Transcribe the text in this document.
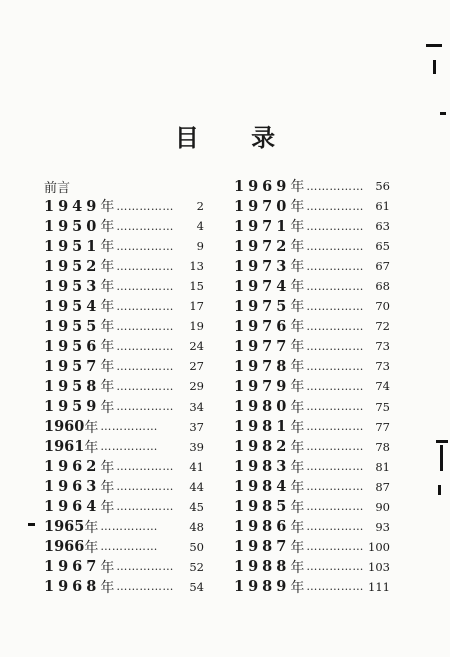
目 录
前言
1949 年 ……………	2
1950 年 ……………	4
1951 年 ……………	9
1952 年 ……………	13
1953 年 ……………	15
1954 年 ……………	17
1955 年 ……………	19
1956 年 ……………	24
1957 年 ……………	27
1958 年 ……………	29
1959 年 ……………	34
1960 年 ……………	37
1961 年 ……………	39
1962 年 ……………	41
1963 年 ……………	44
1964 年 ……………	45
1965 年 ……………	48
1966 年 ……………	50
1967 年 ……………	52
1968 年 ……………	54
1969 年 ……………	56
1970 年 ……………	61
1971 年 ……………	63
1972 年 ……………	65
1973 年 ……………	67
1974 年 ……………	68
1975 年 ……………	70
1976 年 ……………	72
1977 年 ……………	73
1978 年 ……………	73
1979 年 ……………	74
1980 年 ……………	75
1981 年 ……………	77
1982 年 ……………	78
1983 年 ……………	81
1984 年 ……………	87
1985 年 ……………	90
1986 年 ……………	93
1987 年 …………… 100
1988 年 …………… 103
1989 年 …………… 111
